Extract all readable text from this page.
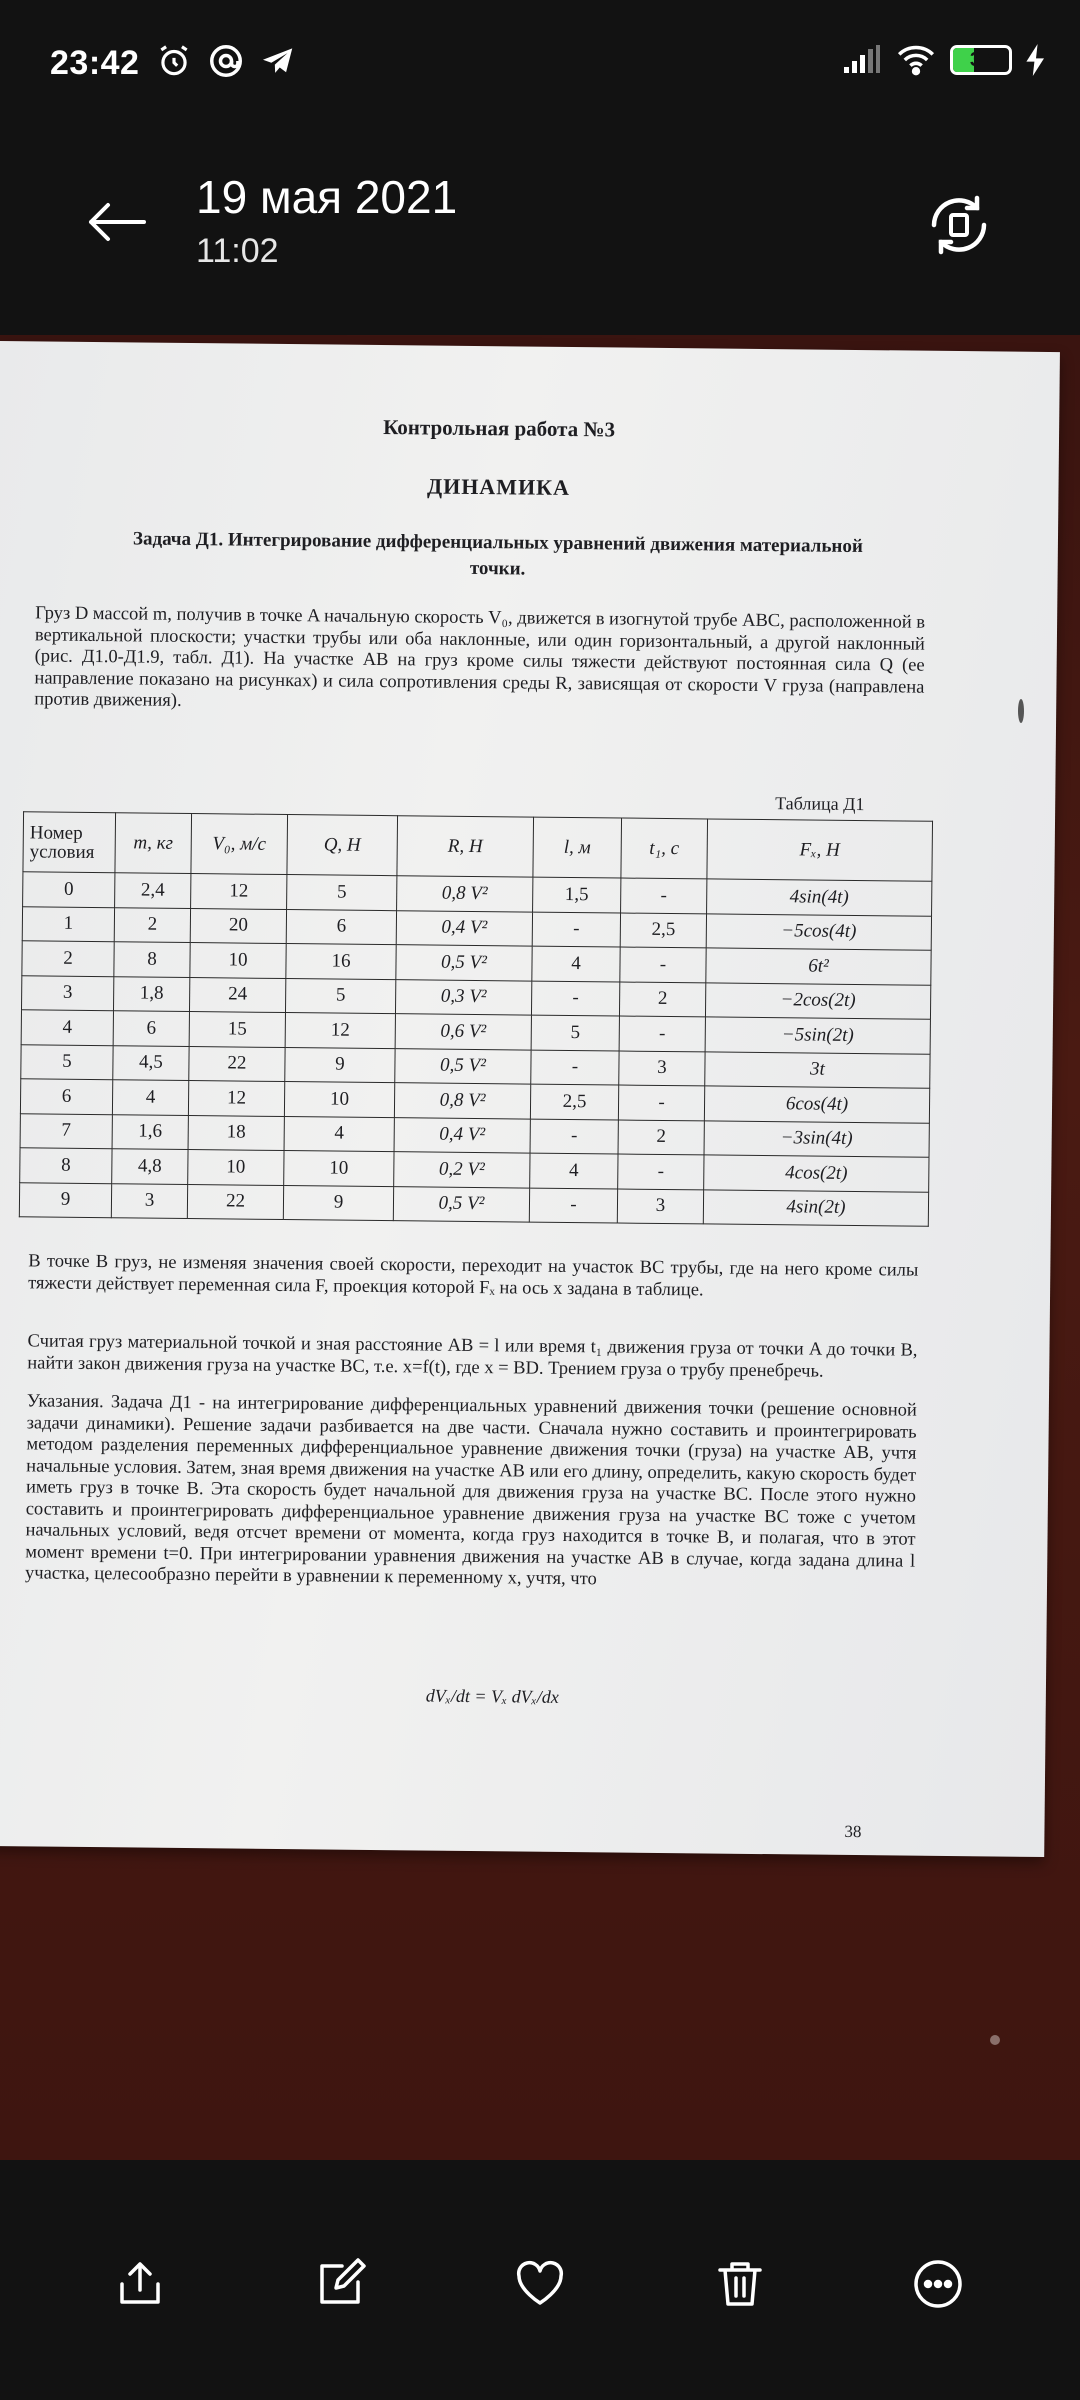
23:42	37
19 мая 2021
11:02
Контрольная работа №3
ДИНАМИКА
Задача Д1. Интегрирование дифференциальных уравнений движения материальной точки.
Груз D массой m, получив в точке A начальную скорость V₀, движется в изогнутой трубе ABC, расположенной в вертикальной плоскости; участки трубы или оба наклонные, или один горизонтальный, а другой наклонный (рис. Д1.0-Д1.9, табл. Д1). На участке AB на груз кроме силы тяжести действуют постоянная сила Q (ее направление показано на рисунках) и сила сопротивления среды R, зависящая от скорости V груза (направлена против движения).
Таблица Д1
Номер условия	m, кг	V₀, м/с	Q, Н	R, Н	l, м	t₁, с	Fₓ, Н
0	2,4	12	5	0,8 V²	1,5	-	4sin(4t)
1	2	20	6	0,4 V²	-	2,5	−5cos(4t)
2	8	10	16	0,5 V²	4	-	6t²
3	1,8	24	5	0,3 V²	-	2	−2cos(2t)
4	6	15	12	0,6 V²	5	-	−5sin(2t)
5	4,5	22	9	0,5 V²	-	3	3t
6	4	12	10	0,8 V²	2,5	-	6cos(4t)
7	1,6	18	4	0,4 V²	-	2	−3sin(4t)
8	4,8	10	10	0,2 V²	4	-	4cos(2t)
9	3	22	9	0,5 V²	-	3	4sin(2t)
В точке B груз, не изменяя значения своей скорости, переходит на участок BC трубы, где на него кроме силы тяжести действует переменная сила F, проекция которой Fₓ на ось x задана в таблице.
Считая груз материальной точкой и зная расстояние AB = l или время t₁ движения груза от точки A до точки B, найти закон движения груза на участке BC, т.е. x=f(t), где x = BD. Трением груза о трубу пренебречь.
Указания. Задача Д1 - на интегрирование дифференциальных уравнений движения точки (решение основной задачи динамики). Решение задачи разбивается на две части. Сначала нужно составить и проинтегрировать методом разделения переменных дифференциальное уравнение движения точки (груза) на участке AB, учтя начальные условия. Затем, зная время движения на участке AB или его длину, определить, какую скорость будет иметь груз в точке B. Эта скорость будет начальной для движения груза на участке BC. После этого нужно составить и проинтегрировать дифференциальное уравнение движения груза на участке BC тоже с учетом начальных условий, ведя отсчет времени от момента, когда груз находится в точке B, и полагая, что в этот момент времени t=0. При интегрировании уравнения движения на участке AB в случае, когда задана длина l участка, целесообразно перейти в уравнении к переменному x, учтя, что
dVₓ/dt = Vₓ dVₓ/dx
38
